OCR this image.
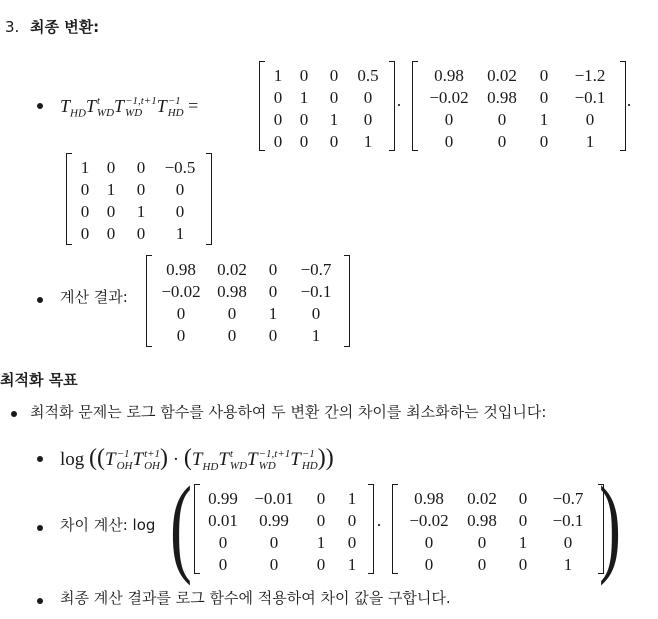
3. 최종 변환:
$T_{HD}T$ t
WD T −1,t+1
WD T −1
HD =
1	0	0	0.5
0	1	0	0
0	0	1	0
0	0	0	1
·
0.98	0.02	0	−1.2
−0.02	0.98	0	−0.1
0	0	1	0
0	0	0	1
·
1	0	0	−0.5
0	1	0	0
0	0	1	0
0	0	0	1
계산 결과:
0.98	0.02	0	−0.7
−0.02 0.98	0	−0.1
0	0	1	0
0	0	0	1
최적화 목표
최적화 문제는 로그 함수를 사용하여 두 변환 간의 차이를 최소화하는 것입니다:
log ((T −1
OH T t+1
OH ) · ($T_{HD}T$ t
WD T −1,t+1
WD T −1
HD ))
차이 계산: log ( 0.99 −0.01	0	1
0.01	0.99	0	0
0	0	1	0
0	0	0	1
·
0.98	0.02	0	−0.7
−0.02	0.98	0	−0.1
0	0	1	0
0	0	0	1 )
최종 계산 결과를 로그 함수에 적용하여 차이 값을 구합니다.
